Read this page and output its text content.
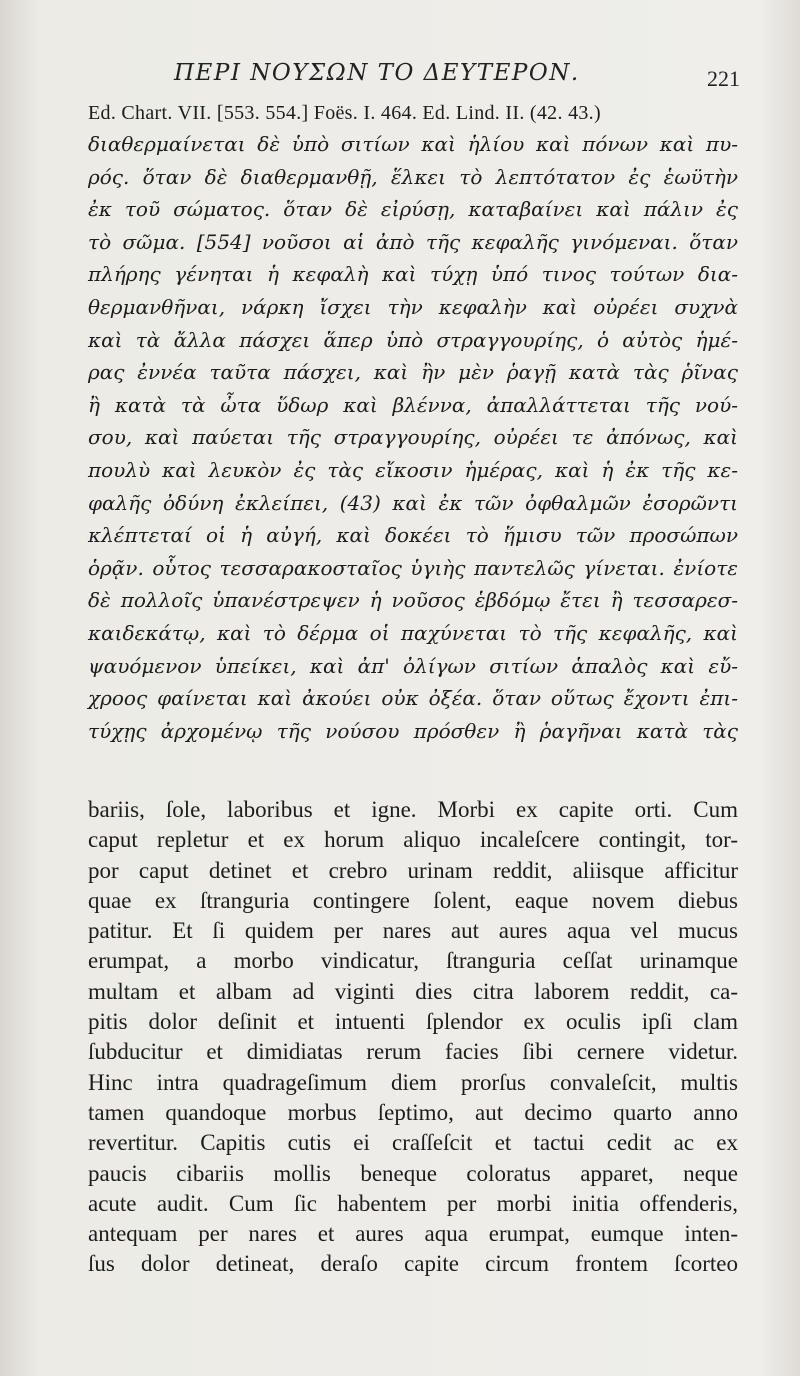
ΠΕΡΙ ΝΟΥΣΩΝ ΤΟ ΔΕΥΤΕΡΟΝ.	221
Ed. Chart. VII. [553. 554.] Foës. I. 464. Ed. Lind. II. (42. 43.)
διαθερμαίνεται δὲ ὑπὸ σιτίων καὶ ἡλίου καὶ πόνων καὶ πυ-
ρός. ὅταν δὲ διαθερμανθῇ, ἕλκει τὸ λεπτότατον ἐς ἑωϋτὴν
ἐκ τοῦ σώματος. ὅταν δὲ εἰρύσῃ, καταβαίνει καὶ πάλιν ἐς
τὸ σῶμα. [554] νοῦσοι αἱ ἀπὸ τῆς κεφαλῆς γινόμεναι. ὅταν
πλήρης γένηται ἡ κεφαλὴ καὶ τύχῃ ὑπό τινος τούτων δια-
θερμανθῆναι, νάρκη ἴσχει τὴν κεφαλὴν καὶ οὐρέει συχνὰ
καὶ τὰ ἄλλα πάσχει ἅπερ ὑπὸ στραγγουρίης, ὁ αὐτὸς ἡμέ-
ρας ἐννέα ταῦτα πάσχει, καὶ ἢν μὲν ῥαγῇ κατὰ τὰς ῥῖνας
ἢ κατὰ τὰ ὦτα ὕδωρ καὶ βλέννα, ἀπαλλάττεται τῆς νού-
σου, καὶ παύεται τῆς στραγγουρίης, οὐρέει τε ἀπόνως, καὶ
πουλὺ καὶ λευκὸν ἐς τὰς εἴκοσιν ἡμέρας, καὶ ἡ ἐκ τῆς κε-
φαλῆς ὀδύνη ἐκλείπει, (43) καὶ ἐκ τῶν ὀφθαλμῶν ἐσορῶντι
κλέπτεταί οἱ ἡ αὐγή, καὶ δοκέει τὸ ἥμισυ τῶν προσώπων
ὁρᾷν. οὗτος τεσσαρακοσταῖος ὑγιὴς παντελῶς γίνεται. ἐνίοτε
δὲ πολλοῖς ὑπανέστρεψεν ἡ νοῦσος ἑβδόμῳ ἔτει ἢ τεσσαρεσ-
καιδεκάτῳ, καὶ τὸ δέρμα οἱ παχύνεται τὸ τῆς κεφαλῆς, καὶ
ψαυόμενον ὑπείκει, καὶ ἀπ' ὀλίγων σιτίων ἁπαλὸς καὶ εὔ-
χροος φαίνεται καὶ ἀκούει οὐκ ὀξέα. ὅταν οὕτως ἔχοντι ἐπι-
τύχῃς ἀρχομένῳ τῆς νούσου πρόσθεν ἢ ῥαγῆναι κατὰ τὰς
bariis, ſole, laboribus et igne. Morbi ex capite orti. Cum
caput repletur et ex horum aliquo incaleſcere contingit, tor-
por caput detinet et crebro urinam reddit, aliisque afficitur
quae ex ſtranguria contingere ſolent, eaque novem diebus
patitur. Et ſi quidem per nares aut aures aqua vel mucus
erumpat, a morbo vindicatur, ſtranguria ceſſat urinamque
multam et albam ad viginti dies citra laborem reddit, ca-
pitis dolor deſinit et intuenti ſplendor ex oculis ipſi clam
ſubducitur et dimidiatas rerum facies ſibi cernere videtur.
Hinc intra quadrageſimum diem prorſus convaleſcit, multis
tamen quandoque morbus ſeptimo, aut decimo quarto anno
revertitur. Capitis cutis ei craſſeſcit et tactui cedit ac ex
paucis cibariis mollis beneque coloratus apparet, neque
acute audit. Cum ſic habentem per morbi initia offenderis,
antequam per nares et aures aqua erumpat, eumque inten-
ſus dolor detineat, deraſo capite circum frontem ſcorteo
